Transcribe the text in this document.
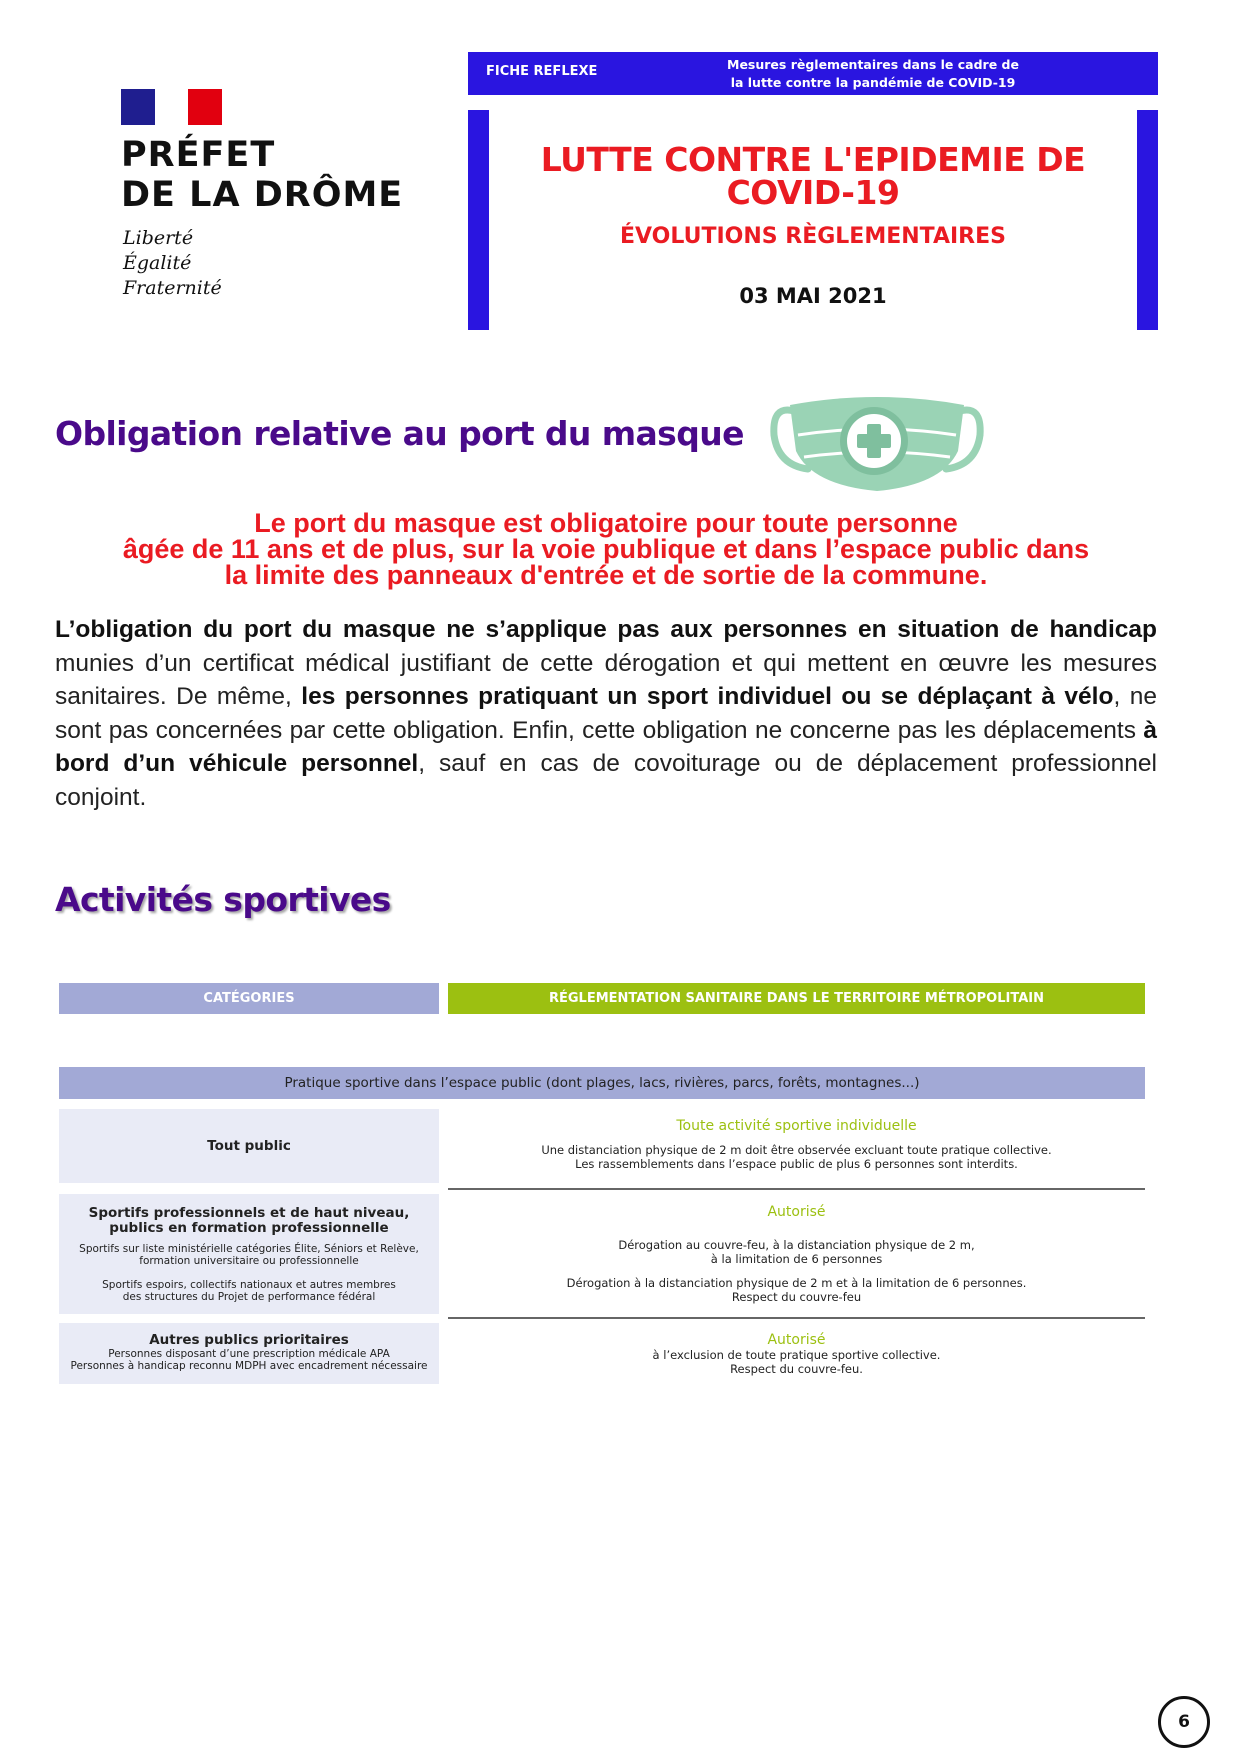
PRÉFET
DE LA DRÔME
Liberté
Égalité
Fraternité
FICHE REFLEXE	Mesures règlementaires dans le cadre de
la lutte contre la pandémie de COVID-19
LUTTE CONTRE L'EPIDEMIE DE
COVID-19
ÉVOLUTIONS RÈGLEMENTAIRES
03 MAI 2021
Obligation relative au port du masque
Le port du masque est obligatoire pour toute personne
âgée de 11 ans et de plus, sur la voie publique et dans l’espace public dans
la limite des panneaux d'entrée et de sortie de la commune.
L’obligation du port du masque ne s’applique pas aux personnes en situation de handicap munies d’un certificat médical justifiant de cette dérogation et qui mettent en œuvre les mesures sanitaires. De même, les personnes pratiquant un sport individuel ou se déplaçant à vélo, ne sont pas concernées par cette obligation. Enfin, cette obligation ne concerne pas les déplacements à bord d’un véhicule personnel, sauf en cas de covoiturage ou de déplacement professionnel conjoint.
Activités sportives
CATÉGORIES	RÉGLEMENTATION SANITAIRE DANS LE TERRITOIRE MÉTROPOLITAIN
Pratique sportive dans l’espace public (dont plages, lacs, rivières, parcs, forêts, montagnes...)
Tout public
Toute activité sportive individuelle
Une distanciation physique de 2 m doit être observée excluant toute pratique collective.
Les rassemblements dans l’espace public de plus 6 personnes sont interdits.
Sportifs professionnels et de haut niveau,
publics en formation professionnelle
Sportifs sur liste ministérielle catégories Élite, Séniors et Relève,
formation universitaire ou professionnelle
Sportifs espoirs, collectifs nationaux et autres membres
des structures du Projet de performance fédéral
Autorisé
Dérogation au couvre-feu, à la distanciation physique de 2 m,
à la limitation de 6 personnes
Dérogation à la distanciation physique de 2 m et à la limitation de 6 personnes.
Respect du couvre-feu
Autres publics prioritaires
Personnes disposant d’une prescription médicale APA
Personnes à handicap reconnu MDPH avec encadrement nécessaire
Autorisé
à l’exclusion de toute pratique sportive collective.
Respect du couvre-feu.
6
